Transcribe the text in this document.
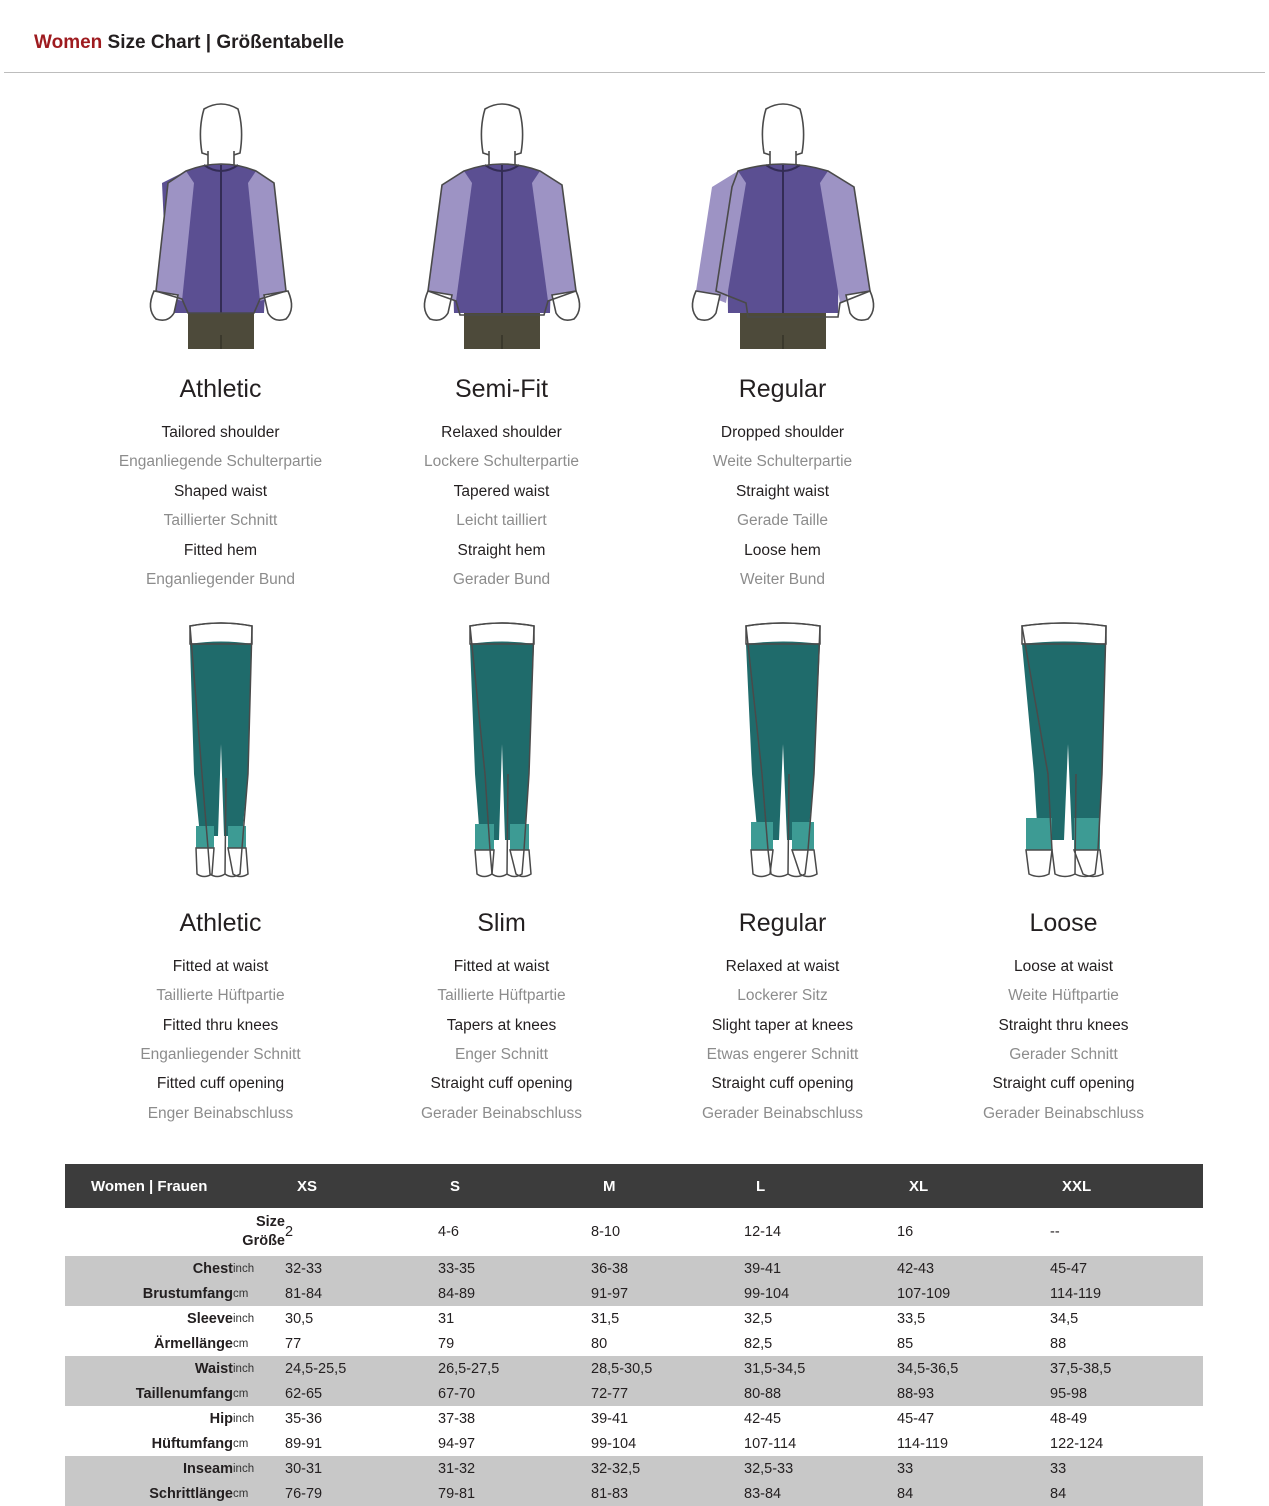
Women Size Chart | Größentabelle
Athletic
Tailored shoulder
Enganliegende Schulterpartie
Shaped waist
Taillierter Schnitt
Fitted hem
Enganliegender Bund
Semi-Fit
Relaxed shoulder
Lockere Schulterpartie
Tapered waist
Leicht tailliert
Straight hem
Gerader Bund
Regular
Dropped shoulder
Weite Schulterpartie
Straight waist
Gerade Taille
Loose hem
Weiter Bund
Athletic
Fitted at waist
Taillierte Hüftpartie
Fitted thru knees
Enganliegender Schnitt
Fitted cuff opening
Enger Beinabschluss
Slim
Fitted at waist
Taillierte Hüftpartie
Tapers at knees
Enger Schnitt
Straight cuff opening
Gerader Beinabschluss
Regular
Relaxed at waist
Lockerer Sitz
Slight taper at knees
Etwas engerer Schnitt
Straight cuff opening
Gerader Beinabschluss
Loose
Loose at waist
Weite Hüftpartie
Straight thru knees
Gerader Schnitt
Straight cuff opening
Gerader Beinabschluss
Women | Frauen		XS	S	M	L	XL	XXL

Size
Größe		2	4-6	8-10	12-14	16	--
Chest	inch	32-33	33-35	36-38	39-41	42-43	45-47
Brustumfang	cm	81-84	84-89	91-97	99-104	107-109	114-119
Sleeve	inch	30,5	31	31,5	32,5	33,5	34,5
Ärmellänge	cm	77	79	80	82,5	85	88
Waist	inch	24,5-25,5	26,5-27,5	28,5-30,5	31,5-34,5	34,5-36,5	37,5-38,5
Taillenumfang	cm	62-65	67-70	72-77	80-88	88-93	95-98
Hip	inch	35-36	37-38	39-41	42-45	45-47	48-49
Hüftumfang	cm	89-91	94-97	99-104	107-114	114-119	122-124
Inseam	inch	30-31	31-32	32-32,5	32,5-33	33	33
Schrittlänge	cm	76-79	79-81	81-83	83-84	84	84
